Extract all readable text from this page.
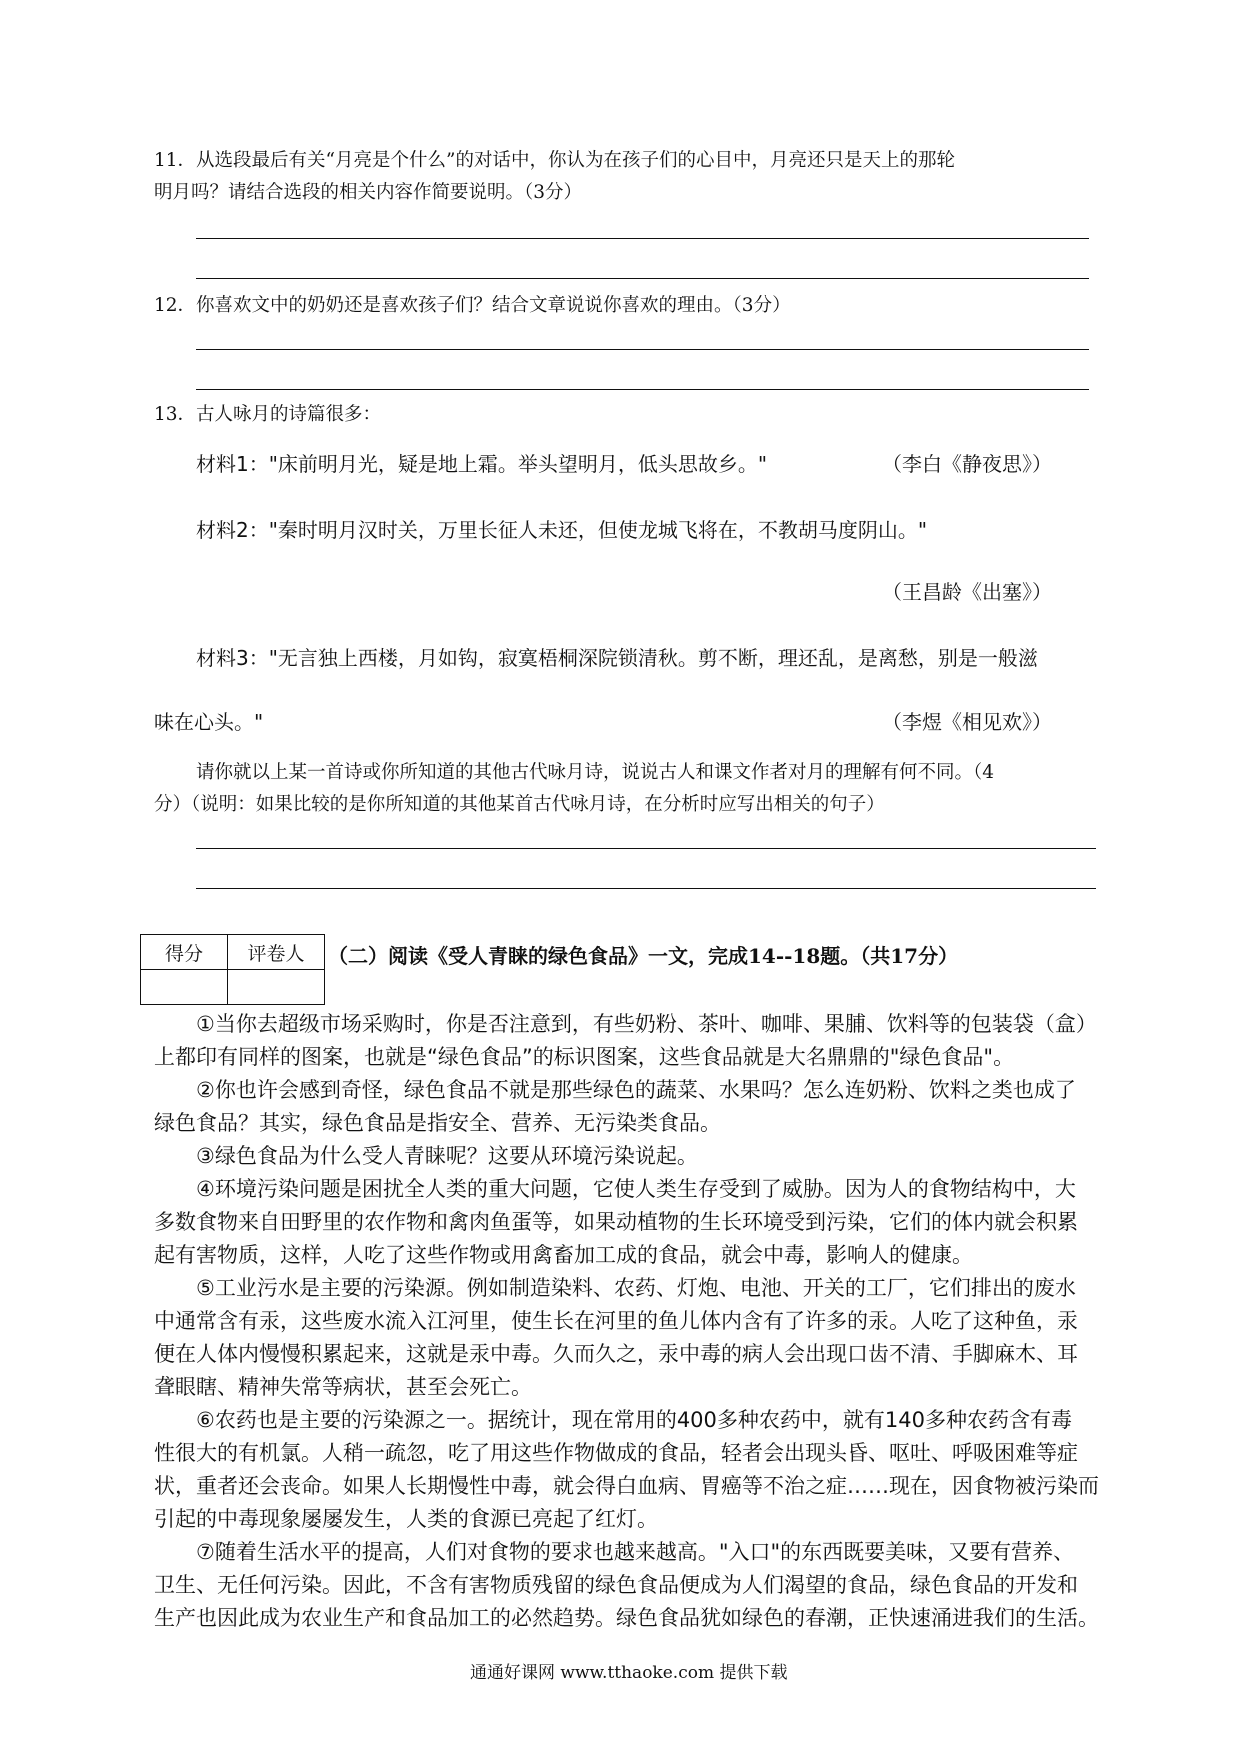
11．从选段最后有关“月亮是个什么”的对话中，你认为在孩子们的心目中，月亮还只是天上的那轮
明月吗？请结合选段的相关内容作简要说明。（3分）
12．你喜欢文中的奶奶还是喜欢孩子们？结合文章说说你喜欢的理由。（3分）
13．古人咏月的诗篇很多：
材料1："床前明月光，疑是地上霜。举头望明月，低头思故乡。"	（李白《静夜思》）
材料2："秦时明月汉时关，万里长征人未还，但使龙城飞将在，不教胡马度阴山。"
（王昌龄《出塞》）
材料3："无言独上西楼，月如钩，寂寞梧桐深院锁清秋。剪不断，理还乱，是离愁，别是一般滋
味在心头。"	（李煜《相见欢》）
请你就以上某一首诗或你所知道的其他古代咏月诗，说说古人和课文作者对月的理解有何不同。（4
分）（说明：如果比较的是你所知道的其他某首古代咏月诗，在分析时应写出相关的句子）
得分	评卷人
	（二）阅读《受人青睐的绿色食品》一文，完成14--18题。（共17分）
①当你去超级市场采购时，你是否注意到，有些奶粉、茶叶、咖啡、果脯、饮料等的包装袋（盒）
上都印有同样的图案，也就是“绿色食品”的标识图案，这些食品就是大名鼎鼎的"绿色食品"。
②你也许会感到奇怪，绿色食品不就是那些绿色的蔬菜、水果吗？怎么连奶粉、饮料之类也成了
绿色食品？其实，绿色食品是指安全、营养、无污染类食品。
③绿色食品为什么受人青睐呢？这要从环境污染说起。
④环境污染问题是困扰全人类的重大问题，它使人类生存受到了威胁。因为人的食物结构中，大
多数食物来自田野里的农作物和禽肉鱼蛋等，如果动植物的生长环境受到污染，它们的体内就会积累
起有害物质，这样，人吃了这些作物或用禽畜加工成的食品，就会中毒，影响人的健康。
⑤工业污水是主要的污染源。例如制造染料、农药、灯炮、电池、开关的工厂，它们排出的废水
中通常含有汞，这些废水流入江河里，使生长在河里的鱼儿体内含有了许多的汞。人吃了这种鱼，汞
便在人体内慢慢积累起来，这就是汞中毒。久而久之，汞中毒的病人会出现口齿不清、手脚麻木、耳
聋眼瞎、精神失常等病状，甚至会死亡。
⑥农药也是主要的污染源之一。据统计，现在常用的400多种农药中，就有140多种农药含有毒
性很大的有机氯。人稍一疏忽，吃了用这些作物做成的食品，轻者会出现头昏、呕吐、呼吸困难等症
状，重者还会丧命。如果人长期慢性中毒，就会得白血病、胃癌等不治之症……现在，因食物被污染而
引起的中毒现象屡屡发生，人类的食源已亮起了红灯。
⑦随着生活水平的提高，人们对食物的要求也越来越高。"入口"的东西既要美味，又要有营养、
卫生、无任何污染。因此，不含有害物质残留的绿色食品便成为人们渴望的食品，绿色食品的开发和
生产也因此成为农业生产和食品加工的必然趋势。绿色食品犹如绿色的春潮，正快速涌进我们的生活。
通通好课网 www.tthaoke.com 提供下载
